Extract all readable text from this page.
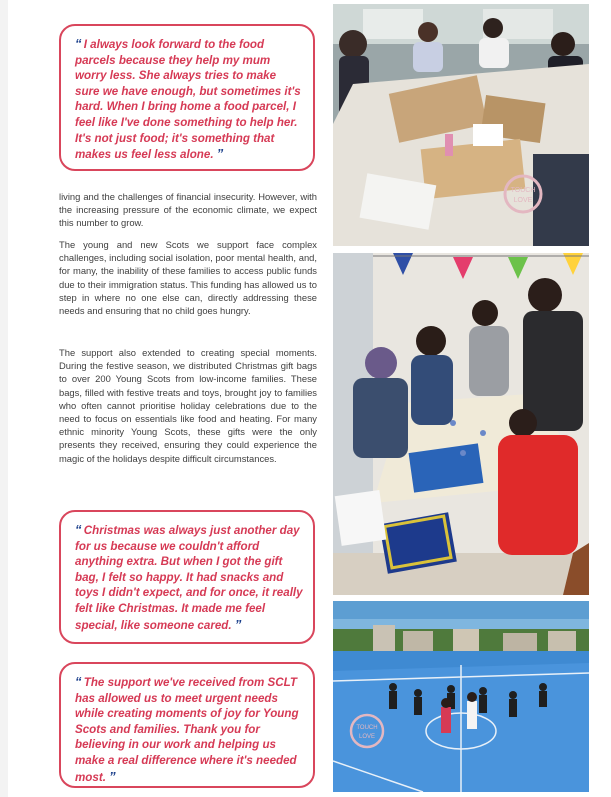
“ I always look forward to the food parcels because they help my mum worry less. She always tries to make sure we have enough, but sometimes it's hard. When I bring home a food parcel, I feel like I've done something to help her. It's not just food; it's something that makes us feel less alone. ”

living and the challenges of financial insecurity. However, with the increasing pressure of the economic climate, we expect this number to grow.

The young and new Scots we support face complex challenges, including social isolation, poor mental health, and, for many, the inability of these families to access public funds due to their immigration status. This funding has allowed us to step in where no one else can, directly addressing these needs and ensuring that no child goes hungry.

The support also extended to creating special moments. During the festive season, we distributed Christmas gift bags to over 200 Young Scots from low-income families. These bags, filled with festive treats and toys, brought joy to families who often cannot prioritise holiday celebrations due to the need to focus on essentials like food and heating. For many ethnic minority Young Scots, these gifts were the only presents they received, ensuring they could experience the magic of the holidays despite difficult circumstances.

“ Christmas was always just another day for us because we couldn't afford anything extra. But when I got the gift bag, I felt so happy. It had snacks and toys I didn't expect, and for once, it really felt like Christmas. It made me feel special, like someone cared. ”
“ The support we've received from SCLT has allowed us to meet urgent needs while creating moments of joy for Young Scots and families. Thank you for believing in our work and helping us make a real difference where it's needed most. ”
TOUCH
LOVE
TOUCH
LOVE
